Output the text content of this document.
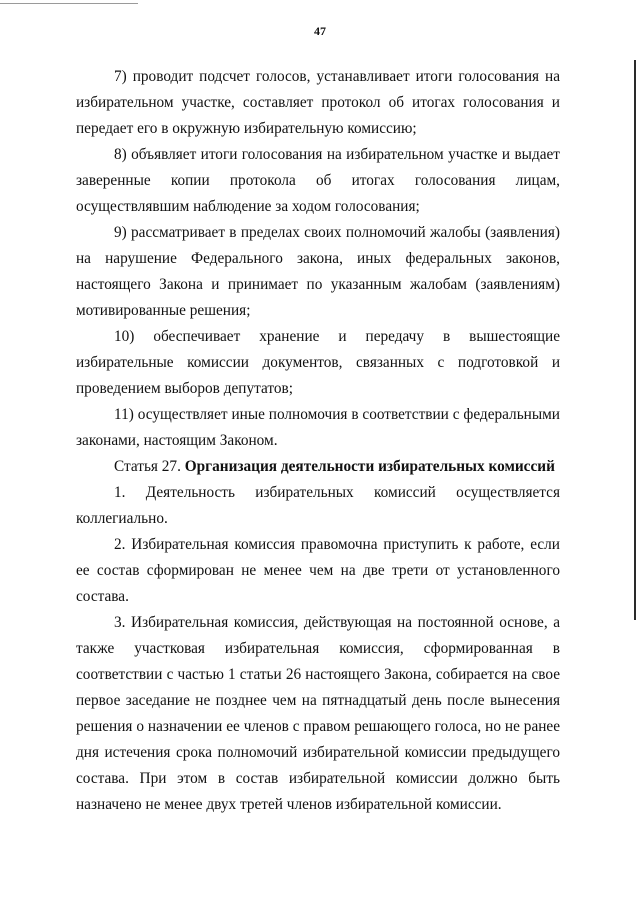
47

7) проводит подсчет голосов, устанавливает итоги голосования на избирательном участке, составляет протокол об итогах голосования и передает его в окружную избирательную комиссию;

8) объявляет итоги голосования на избирательном участке и выдает заверенные копии протокола об итогах голосования лицам, осуществлявшим наблюдение за ходом голосования;

9) рассматривает в пределах своих полномочий жалобы (заявления) на нарушение Федерального закона, иных федеральных законов, настоящего Закона и принимает по указанным жалобам (заявлениям) мотивированные решения;

10) обеспечивает хранение и передачу в вышестоящие избирательные комиссии документов, связанных с подготовкой и проведением выборов депутатов;

11) осуществляет иные полномочия в соответствии с федеральными законами, настоящим Законом.

Статья 27. Организация деятельности избирательных комиссий

1. Деятельность избирательных комиссий осуществляется коллегиально.

2. Избирательная комиссия правомочна приступить к работе, если ее состав сформирован не менее чем на две трети от установленного состава.

3. Избирательная комиссия, действующая на постоянной основе, а также участковая избирательная комиссия, сформированная в соответствии с частью 1 статьи 26 настоящего Закона, собирается на свое первое заседание не позднее чем на пятнадцатый день после вынесения решения о назначении ее членов с правом решающего голоса, но не ранее дня истечения срока полномочий избирательной комиссии предыдущего состава. При этом в состав избирательной комиссии должно быть назначено не менее двух третей членов избирательной комиссии.
